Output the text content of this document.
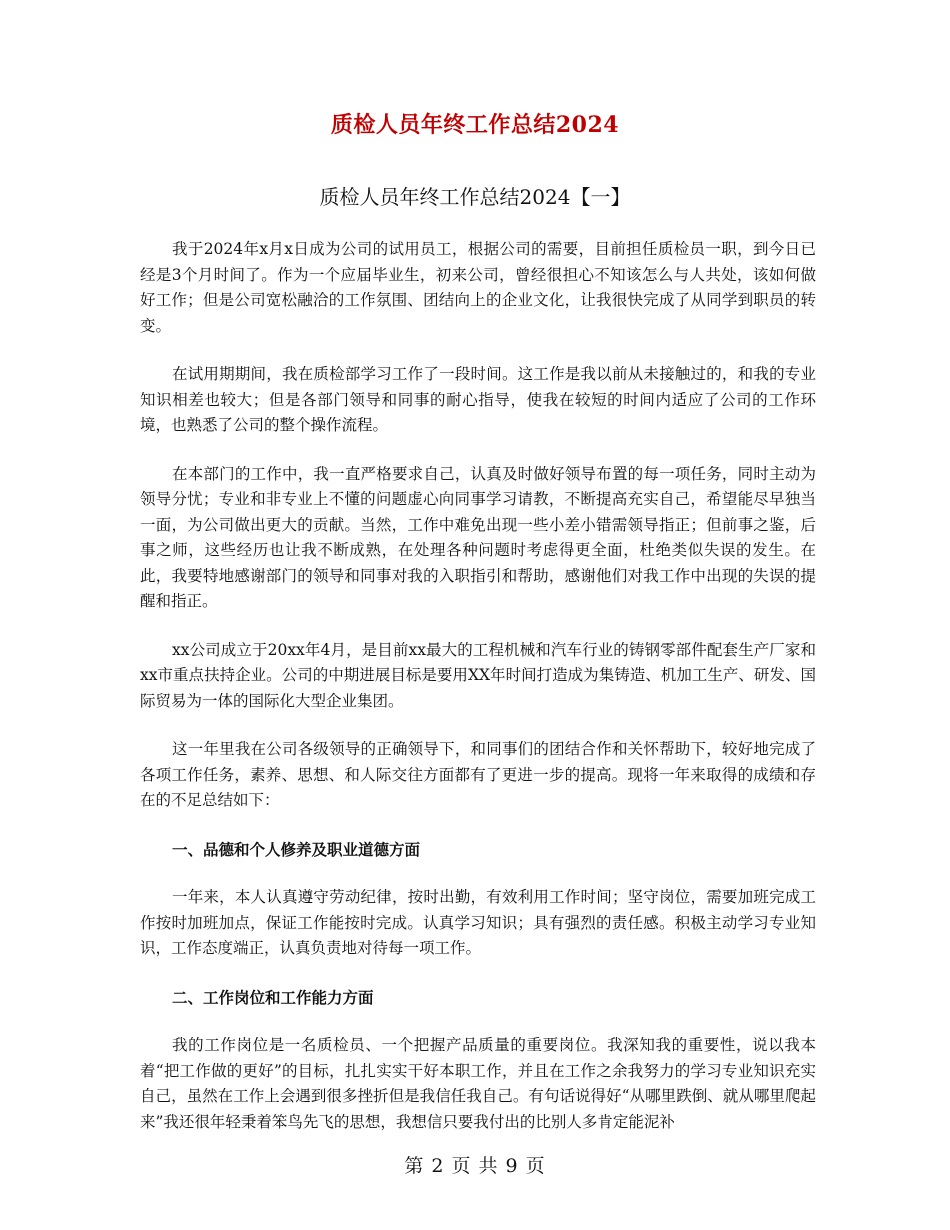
质检人员年终工作总结2024
质检人员年终工作总结2024【一】

我于2024年x月x日成为公司的试用员工，根据公司的需要，目前担任质检员一职，到今日已经是3个月时间了。作为一个应届毕业生，初来公司，曾经很担心不知该怎么与人共处，该如何做好工作；但是公司宽松融洽的工作氛围、团结向上的企业文化，让我很快完成了从同学到职员的转变。

在试用期期间，我在质检部学习工作了一段时间。这工作是我以前从未接触过的，和我的专业知识相差也较大；但是各部门领导和同事的耐心指导，使我在较短的时间内适应了公司的工作环境，也熟悉了公司的整个操作流程。

在本部门的工作中，我一直严格要求自己，认真及时做好领导布置的每一项任务，同时主动为领导分忧；专业和非专业上不懂的问题虚心向同事学习请教，不断提高充实自己，希望能尽早独当一面，为公司做出更大的贡献。当然，工作中难免出现一些小差小错需领导指正；但前事之鉴，后事之师，这些经历也让我不断成熟，在处理各种问题时考虑得更全面，杜绝类似失误的发生。在此，我要特地感谢部门的领导和同事对我的入职指引和帮助，感谢他们对我工作中出现的失误的提醒和指正。

xx公司成立于20xx年4月，是目前xx最大的工程机械和汽车行业的铸钢零部件配套生产厂家和xx市重点扶持企业。公司的中期进展目标是要用XX年时间打造成为集铸造、机加工生产、研发、国际贸易为一体的国际化大型企业集团。

这一年里我在公司各级领导的正确领导下，和同事们的团结合作和关怀帮助下，较好地完成了各项工作任务，素养、思想、和人际交往方面都有了更进一步的提高。现将一年来取得的成绩和存在的不足总结如下：

一、品德和个人修养及职业道德方面

一年来，本人认真遵守劳动纪律，按时出勤，有效利用工作时间；坚守岗位，需要加班完成工作按时加班加点，保证工作能按时完成。认真学习知识；具有强烈的责任感。积极主动学习专业知识，工作态度端正，认真负责地对待每一项工作。

二、工作岗位和工作能力方面

我的工作岗位是一名质检员、一个把握产品质量的重要岗位。我深知我的重要性，说以我本着“把工作做的更好”的目标，扎扎实实干好本职工作，并且在工作之余我努力的学习专业知识充实自己，虽然在工作上会遇到很多挫折但是我信任我自己。有句话说得好“从哪里跌倒、就从哪里爬起来”我还很年轻秉着笨鸟先飞的思想，我想信只要我付出的比别人多肯定能泥补

第 2 页 共 9 页
